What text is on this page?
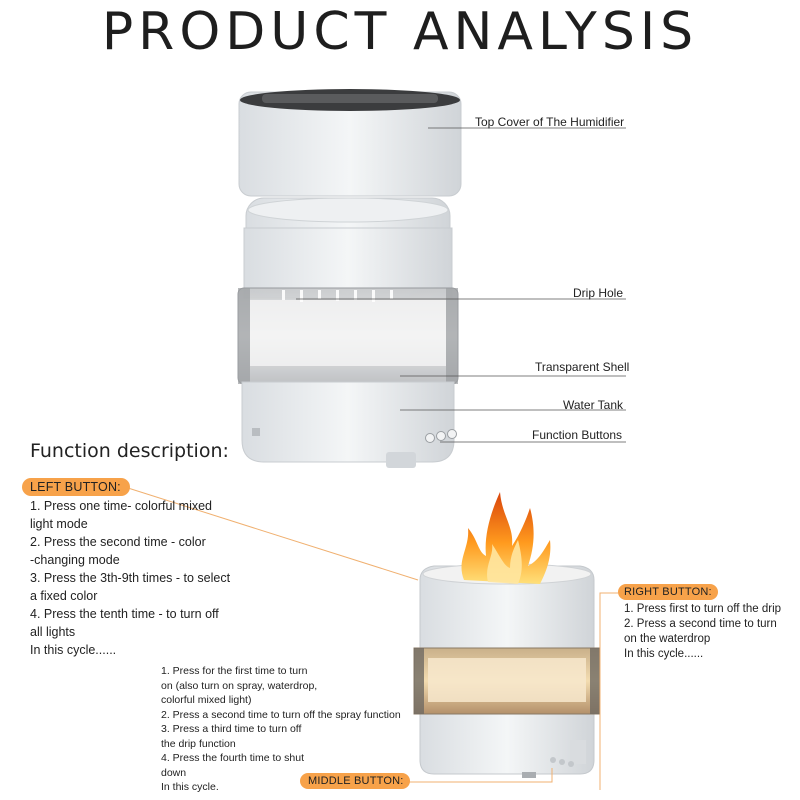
PRODUCT ANALYSIS
Top Cover of The Humidifier
Drip Hole
Transparent Shell
Water Tank
Function Buttons
Function description:
LEFT BUTTON:
1. Press one time- colorful mixed
light mode
2. Press the second time - color
-changing mode
3. Press the 3th-9th times - to select
a fixed color
4. Press the tenth time - to turn off
all lights
In this cycle......
RIGHT BUTTON:
1. Press first to turn off the drip
2. Press a second time to turn
on the waterdrop
In this cycle......
1. Press for the first time to turn
on (also turn on spray, waterdrop,
colorful mixed light)
2. Press a second time to turn off the spray function
3. Press a third time to turn off
the drip function
4. Press the fourth time to shut
down
In this cycle.	MIDDLE BUTTON:
